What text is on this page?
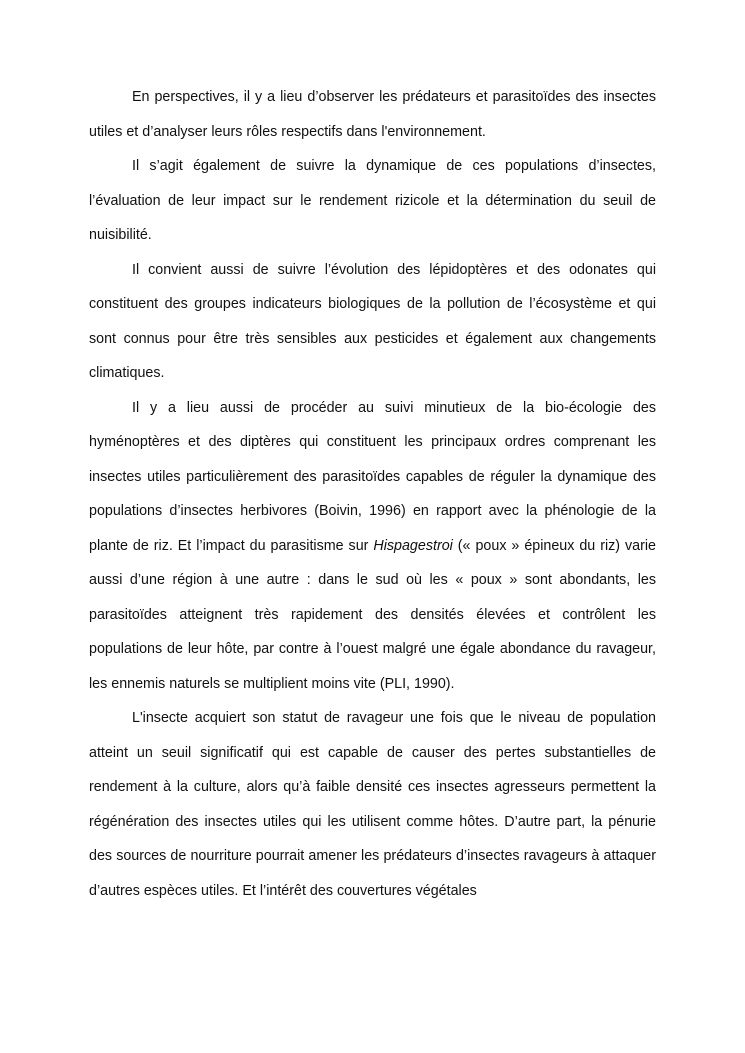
En perspectives, il y a lieu d’observer les prédateurs et parasitoïdes des insectes utiles et d’analyser leurs rôles respectifs dans l'environnement.

Il s’agit également de suivre la dynamique de ces populations d’insectes, l’évaluation de leur impact sur le rendement rizicole et la détermination du seuil de nuisibilité.

Il convient aussi de suivre l’évolution des lépidoptères et des odonates qui constituent des groupes indicateurs biologiques de la pollution de l’écosystème et qui sont connus pour être très sensibles aux pesticides et également aux changements climatiques.

Il y a lieu aussi de procéder au suivi minutieux de la bio-écologie des hyménoptères et des diptères qui constituent les principaux ordres comprenant les insectes utiles particulièrement des parasitoïdes capables de réguler la dynamique des populations d’insectes herbivores (Boivin, 1996) en rapport avec la phénologie de la plante de riz. Et l’impact du parasitisme sur Hispagestroi (« poux » épineux du riz) varie aussi d’une région à une autre : dans le sud où les « poux » sont abondants, les parasitoïdes atteignent très rapidement des densités élevées et contrôlent les populations de leur hôte, par contre à l’ouest malgré une égale abondance du ravageur, les ennemis naturels se multiplient moins vite (PLI, 1990).

L'insecte acquiert son statut de ravageur une fois que le niveau de population atteint un seuil significatif qui est capable de causer des pertes substantielles de rendement à la culture, alors qu’à faible densité ces insectes agresseurs permettent la régénération des insectes utiles qui les utilisent comme hôtes. D’autre part, la pénurie des sources de nourriture pourrait amener les prédateurs d’insectes ravageurs à attaquer d’autres espèces utiles. Et l’intérêt des couvertures végétales
